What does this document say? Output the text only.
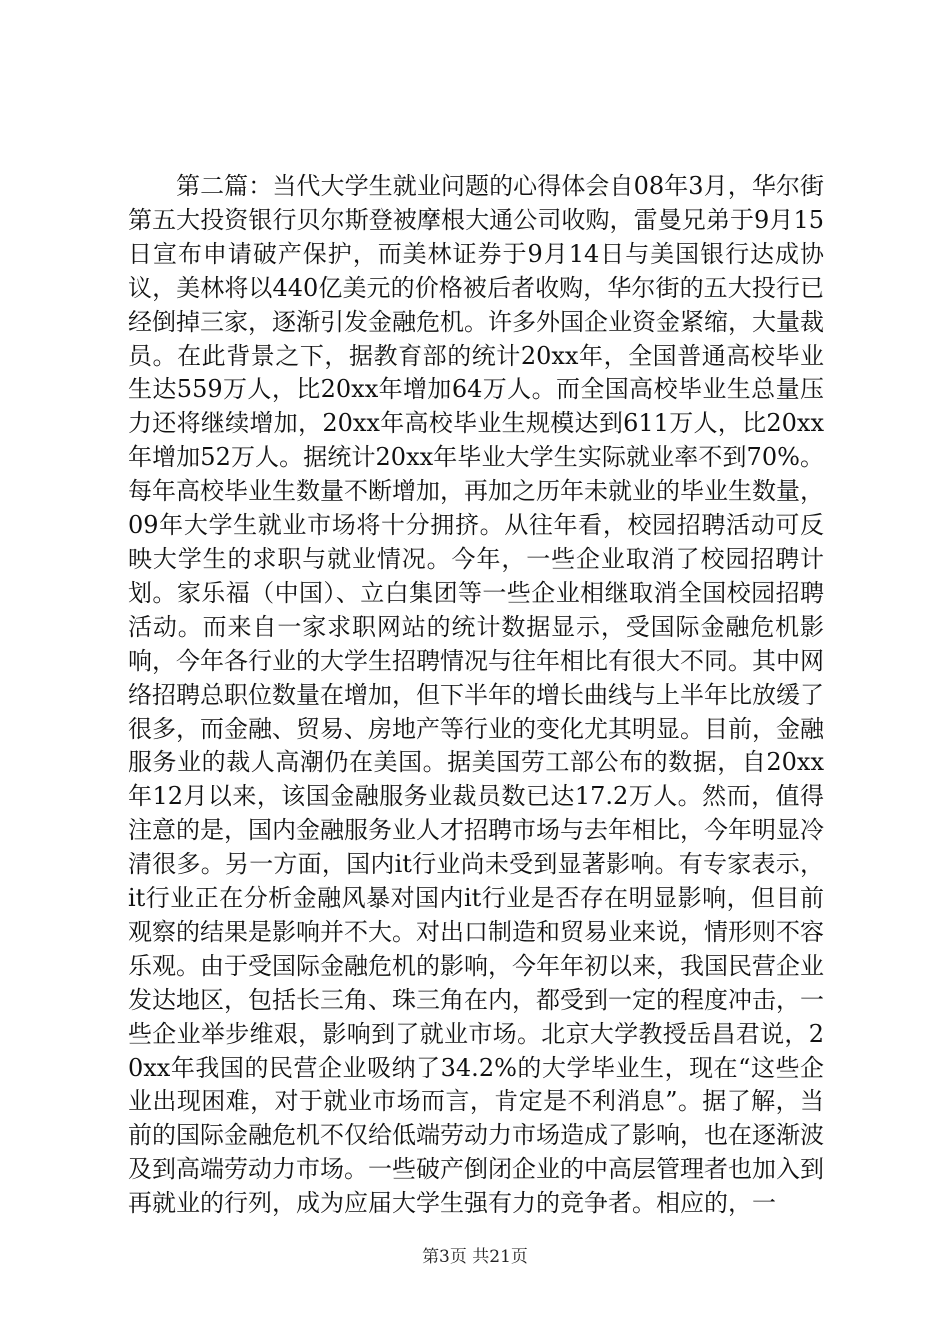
第二篇：当代大学生就业问题的心得体会自08年3月，华尔街第五大投资银行贝尔斯登被摩根大通公司收购，雷曼兄弟于9月15日宣布申请破产保护，而美林证券于9月14日与美国银行达成协议，美林将以440亿美元的价格被后者收购，华尔街的五大投行已经倒掉三家，逐渐引发金融危机。许多外国企业资金紧缩，大量裁员。在此背景之下，据教育部的统计20xx年，全国普通高校毕业生达559万人，比20xx年增加64万人。而全国高校毕业生总量压力还将继续增加，20xx年高校毕业生规模达到611万人，比20xx年增加52万人。据统计20xx年毕业大学生实际就业率不到70%。每年高校毕业生数量不断增加，再加之历年未就业的毕业生数量，09年大学生就业市场将十分拥挤。从往年看，校园招聘活动可反映大学生的求职与就业情况。今年，一些企业取消了校园招聘计划。家乐福（中国）、立白集团等一些企业相继取消全国校园招聘活动。而来自一家求职网站的统计数据显示，受国际金融危机影响，今年各行业的大学生招聘情况与往年相比有很大不同。其中网络招聘总职位数量在增加，但下半年的增长曲线与上半年比放缓了很多，而金融、贸易、房地产等行业的变化尤其明显。目前，金融服务业的裁人高潮仍在美国。据美国劳工部公布的数据，自20xx年12月以来，该国金融服务业裁员数已达17.2万人。然而，值得注意的是，国内金融服务业人才招聘市场与去年相比，今年明显冷清很多。另一方面，国内it行业尚未受到显著影响。有专家表示，it行业正在分析金融风暴对国内it行业是否存在明显影响，但目前观察的结果是影响并不大。对出口制造和贸易业来说，情形则不容乐观。由于受国际金融危机的影响，今年年初以来，我国民营企业发达地区，包括长三角、珠三角在内，都受到一定的程度冲击，一些企业举步维艰，影响到了就业市场。北京大学教授岳昌君说，20xx年我国的民营企业吸纳了34.2%的大学毕业生，现在“这些企业出现困难，对于就业市场而言，肯定是不利消息”。据了解，当前的国际金融危机不仅给低端劳动力市场造成了影响，也在逐渐波及到高端劳动力市场。一些破产倒闭企业的中高层管理者也加入到再就业的行列，成为应届大学生强有力的竞争者。相应的，一

第3页 共21页
